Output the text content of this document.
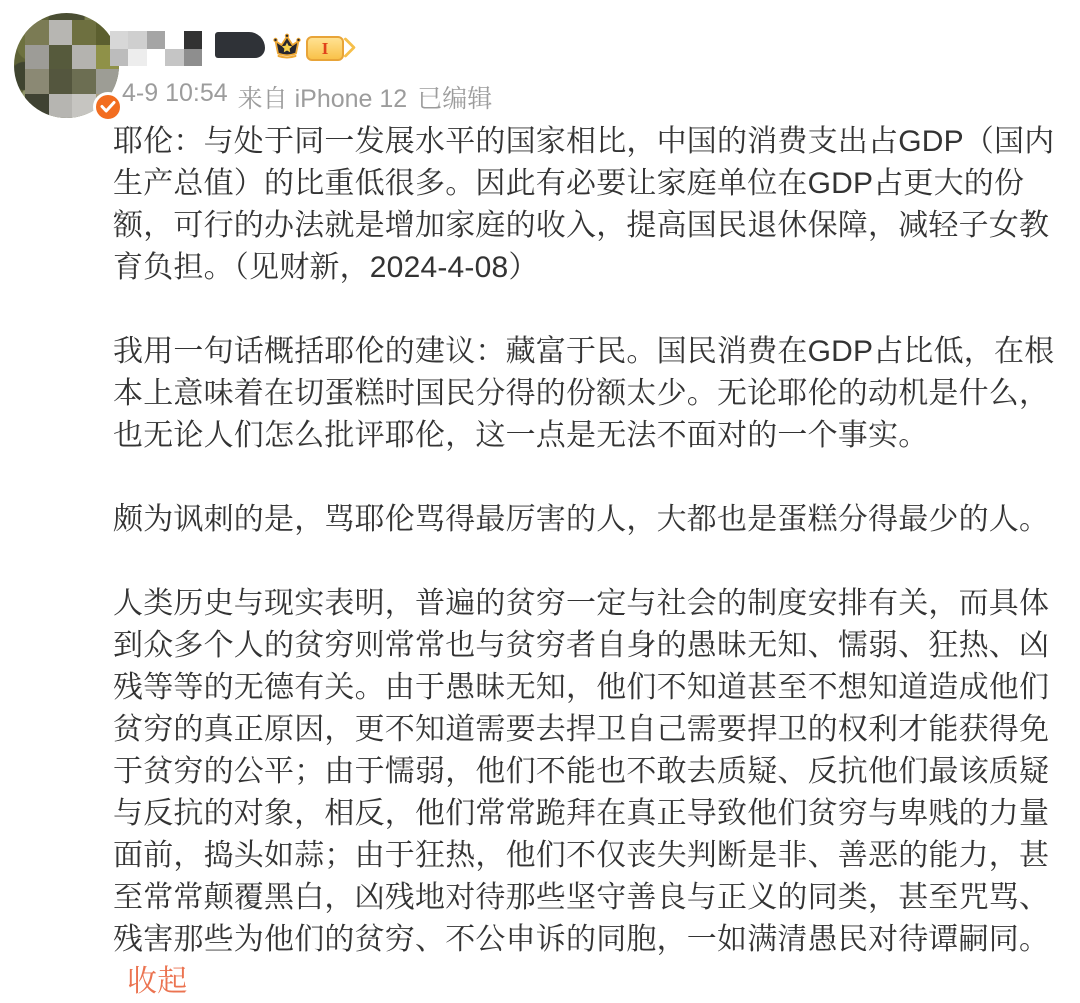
I
4-9 10:54 来自 iPhone 12 已编辑

耶伦：与处于同一发展水平的国家相比，中国的消费支出占GDP（国内生产总值）的比重低很多。因此有必要让家庭单位在GDP占更大的份额，可行的办法就是增加家庭的收入，提高国民退休保障，减轻子女教育负担。（见财新，2024-4-08）

我用一句话概括耶伦的建议：藏富于民。国民消费在GDP占比低，在根本上意味着在切蛋糕时国民分得的份额太少。无论耶伦的动机是什么，也无论人们怎么批评耶伦，这一点是无法不面对的一个事实。

颇为讽刺的是，骂耶伦骂得最厉害的人，大都也是蛋糕分得最少的人。

人类历史与现实表明，普遍的贫穷一定与社会的制度安排有关，而具体到众多个人的贫穷则常常也与贫穷者自身的愚昧无知、懦弱、狂热、凶残等等的无德有关。由于愚昧无知，他们不知道甚至不想知道造成他们贫穷的真正原因，更不知道需要去捍卫自己需要捍卫的权利才能获得免于贫穷的公平；由于懦弱，他们不能也不敢去质疑、反抗他们最该质疑与反抗的对象，相反，他们常常跪拜在真正导致他们贫穷与卑贱的力量面前，捣头如蒜；由于狂热，他们不仅丧失判断是非、善恶的能力，甚至常常颠覆黑白，凶残地对待那些坚守善良与正义的同类，甚至咒骂、残害那些为他们的贫穷、不公申诉的同胞，一如满清愚民对待谭嗣同。收起
